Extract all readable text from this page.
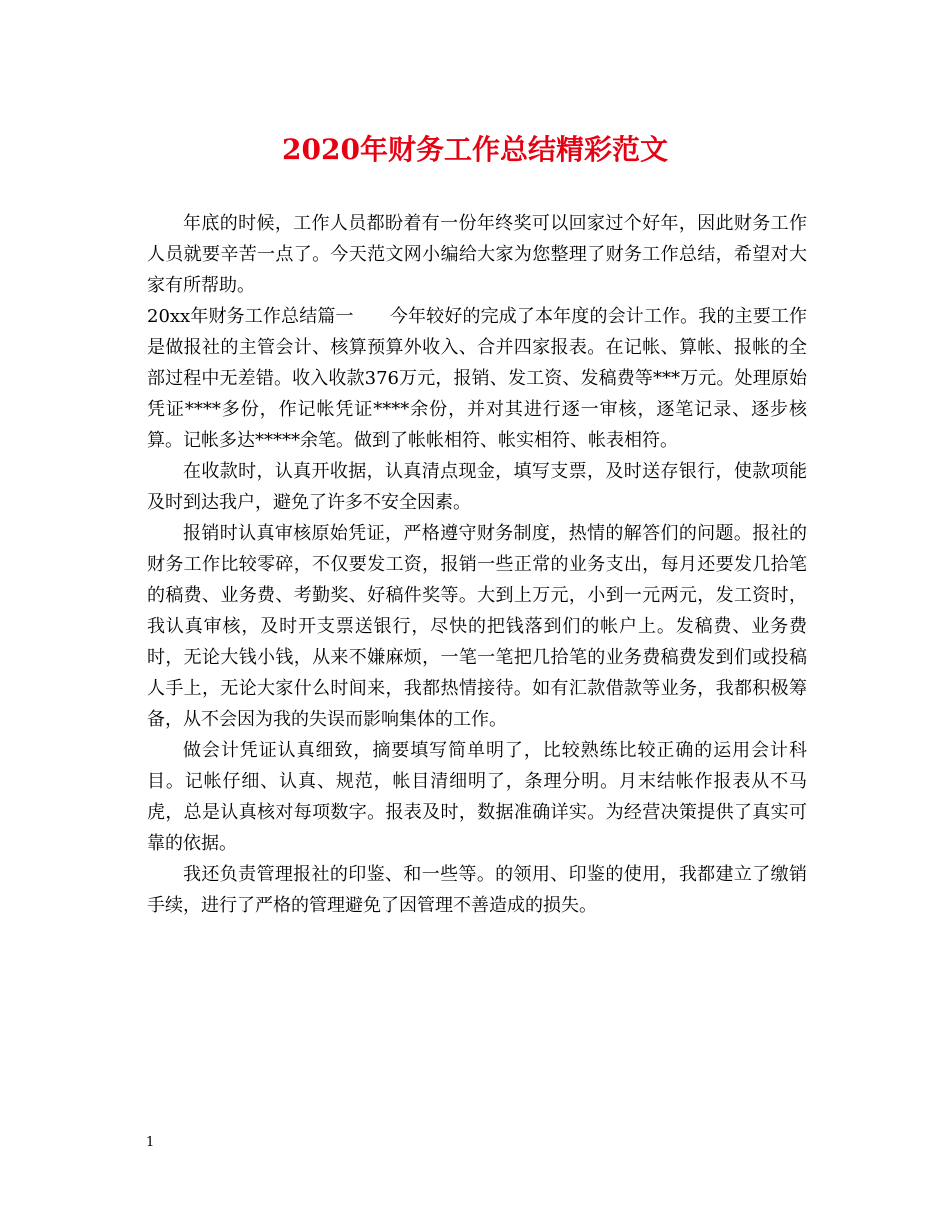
2020年财务工作总结精彩范文

年底的时候，工作人员都盼着有一份年终奖可以回家过个好年，因此财务工作人员就要辛苦一点了。今天范文网小编给大家为您整理了财务工作总结，希望对大家有所帮助。

20xx年财务工作总结篇一　　今年较好的完成了本年度的会计工作。我的主要工作是做报社的主管会计、核算预算外收入、合并四家报表。在记帐、算帐、报帐的全部过程中无差错。收入收款376万元，报销、发工资、发稿费等***万元。处理原始凭证****多份，作记帐凭证****余份，并对其进行逐一审核，逐笔记录、逐步核算。记帐多达*****余笔。做到了帐帐相符、帐实相符、帐表相符。

在收款时，认真开收据，认真清点现金，填写支票，及时送存银行，使款项能及时到达我户，避免了许多不安全因素。

报销时认真审核原始凭证，严格遵守财务制度，热情的解答们的问题。报社的财务工作比较零碎，不仅要发工资，报销一些正常的业务支出，每月还要发几拾笔的稿费、业务费、考勤奖、好稿件奖等。大到上万元，小到一元两元，发工资时，我认真审核，及时开支票送银行，尽快的把钱落到们的帐户上。发稿费、业务费时，无论大钱小钱，从来不嫌麻烦，一笔一笔把几拾笔的业务费稿费发到们或投稿人手上，无论大家什么时间来，我都热情接待。如有汇款借款等业务，我都积极筹备，从不会因为我的失误而影响集体的工作。

做会计凭证认真细致，摘要填写简单明了，比较熟练比较正确的运用会计科目。记帐仔细、认真、规范，帐目清细明了，条理分明。月末结帐作报表从不马虎，总是认真核对每项数字。报表及时，数据准确详实。为经营决策提供了真实可靠的依据。

我还负责管理报社的印鉴、和一些等。的领用、印鉴的使用，我都建立了缴销手续，进行了严格的管理避免了因管理不善造成的损失。

1
